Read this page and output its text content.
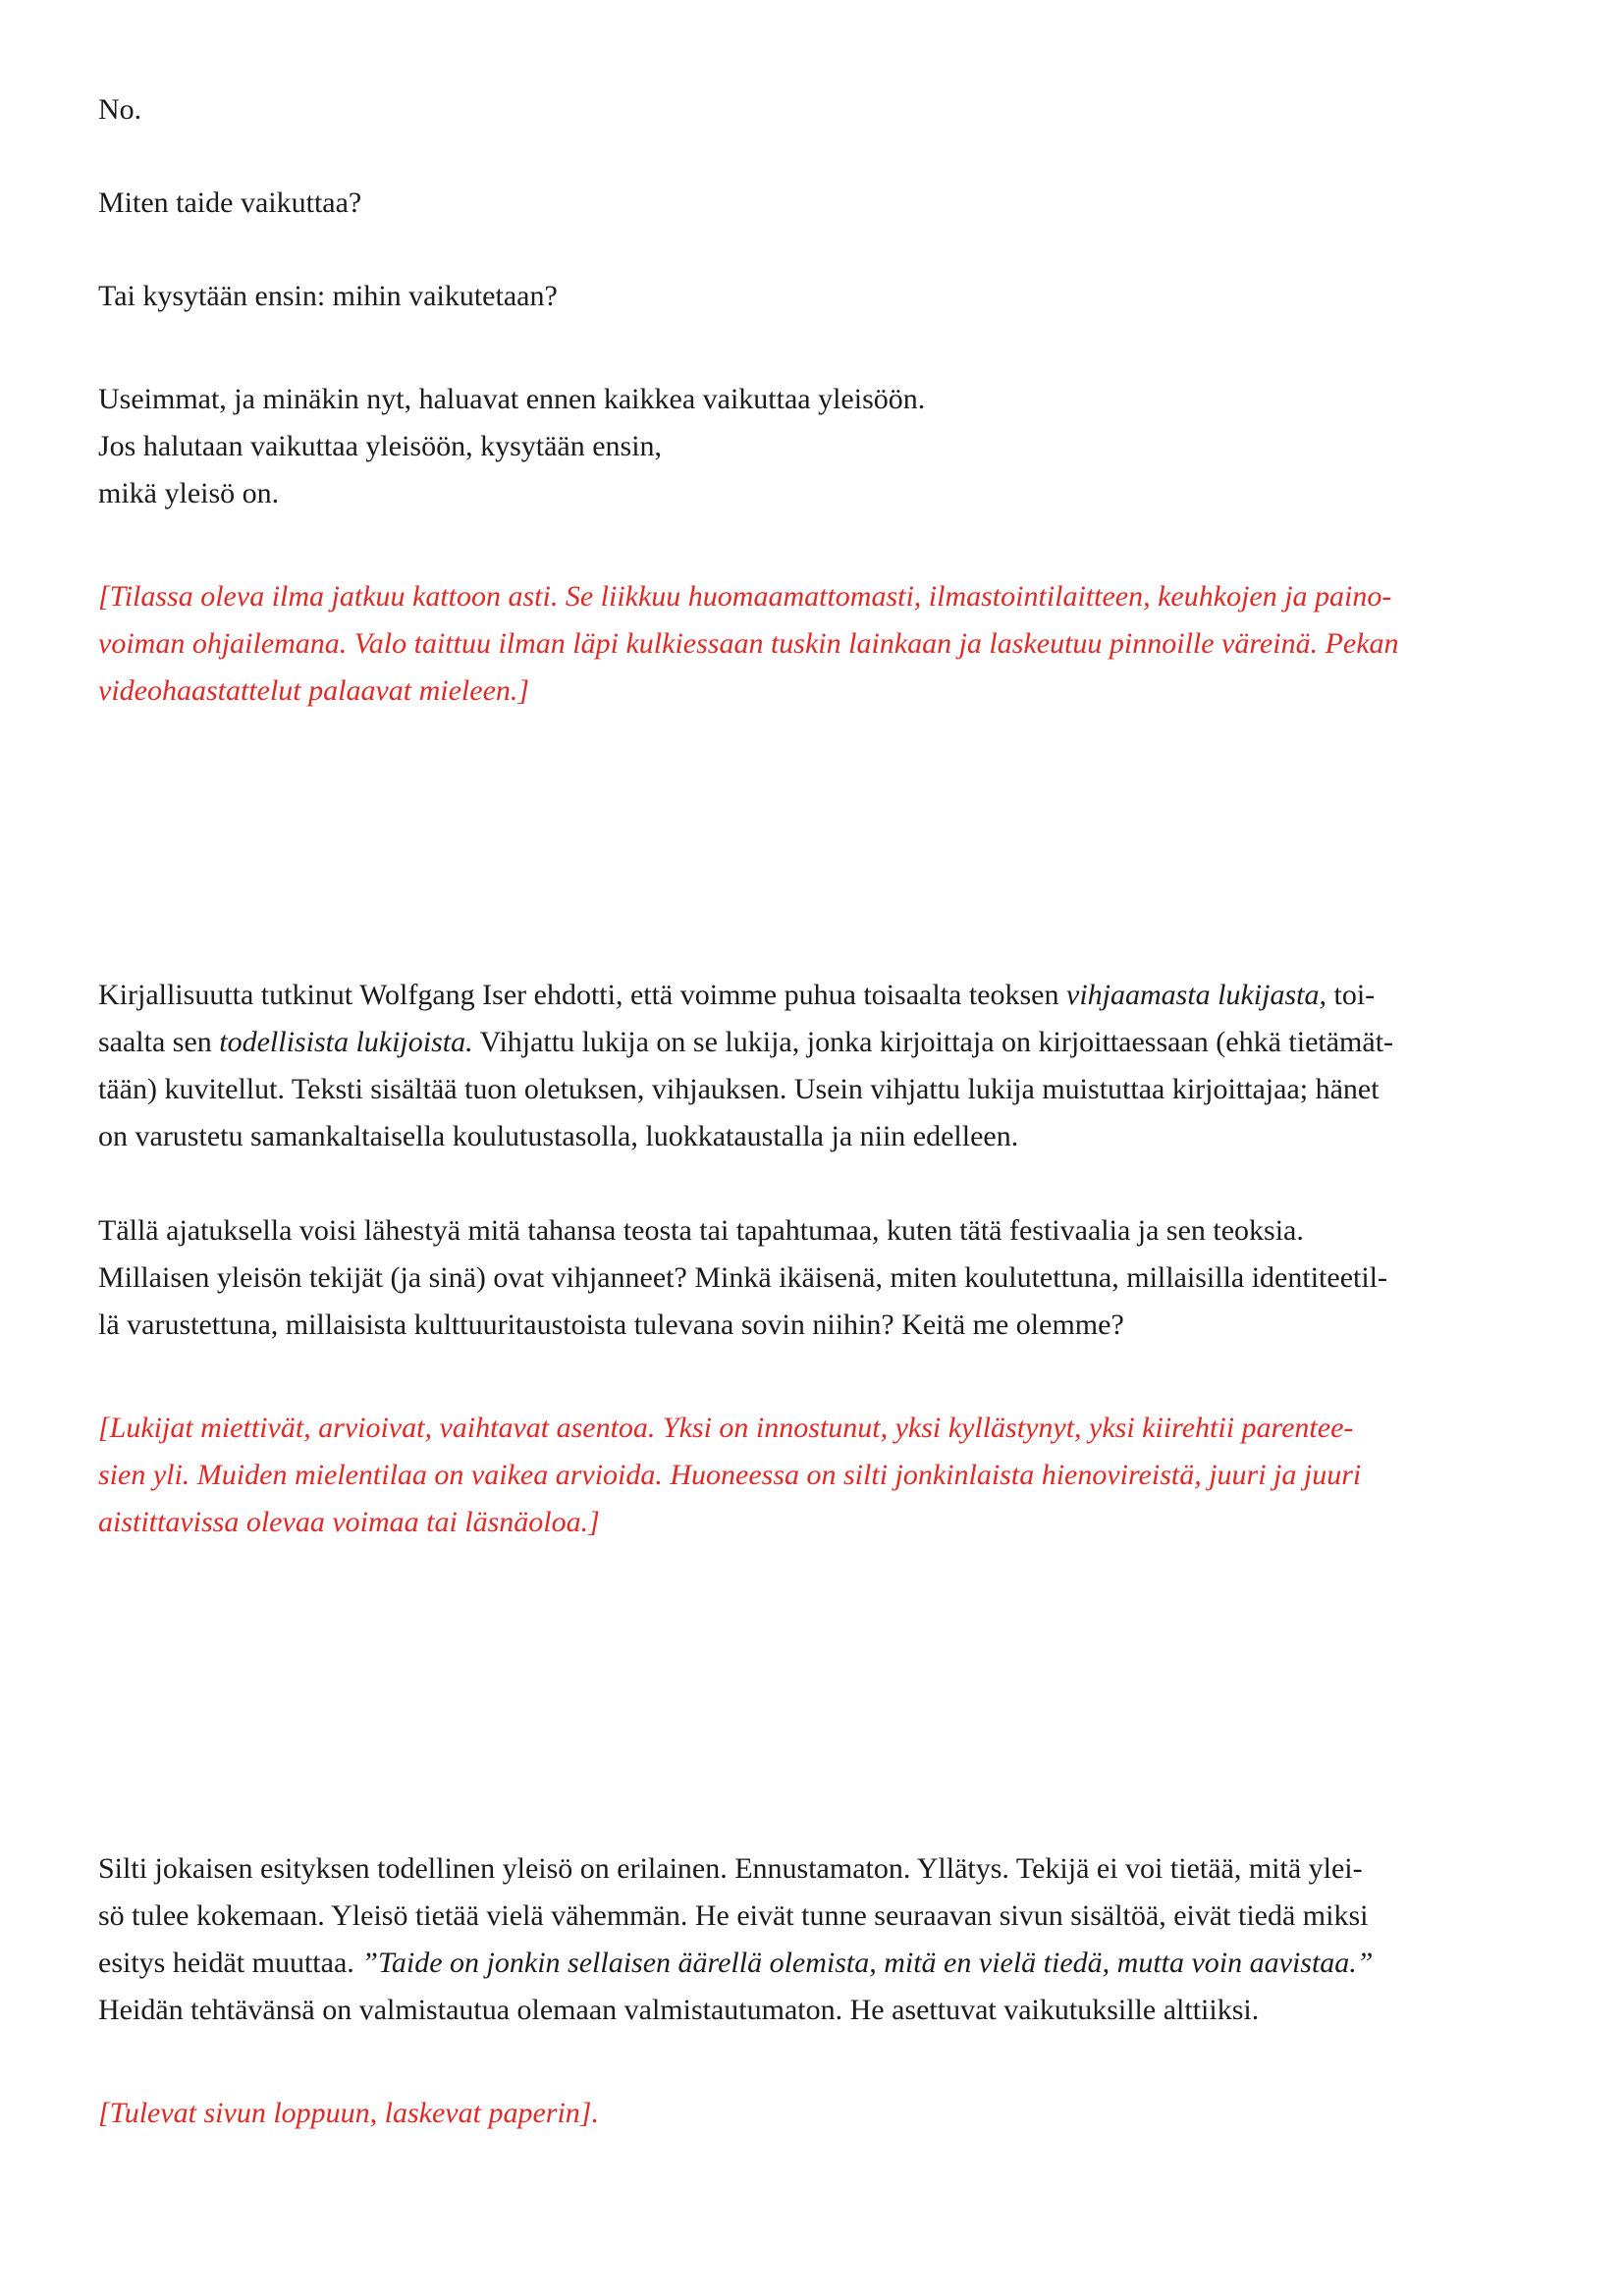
No.

Miten taide vaikuttaa?

Tai kysytään ensin: mihin vaikutetaan?

Useimmat, ja minäkin nyt, haluavat ennen kaikkea vaikuttaa yleisöön.
Jos halutaan vaikuttaa yleisöön, kysytään ensin,
mikä yleisö on.

[Tilassa oleva ilma jatkuu kattoon asti. Se liikkuu huomaamattomasti, ilmastointilaitteen, keuhkojen ja paino-
voiman ohjailemana. Valo taittuu ilman läpi kulkiessaan tuskin lainkaan ja laskeutuu pinnoille väreinä. Pekan
videohaastattelut palaavat mieleen.]

Kirjallisuutta tutkinut Wolfgang Iser ehdotti, että voimme puhua toisaalta teoksen vihjaamasta lukijasta, toi-
saalta sen todellisista lukijoista. Vihjattu lukija on se lukija, jonka kirjoittaja on kirjoittaessaan (ehkä tietämät-
tään) kuvitellut. Teksti sisältää tuon oletuksen, vihjauksen. Usein vihjattu lukija muistuttaa kirjoittajaa; hänet
on varustetu samankaltaisella koulutustasolla, luokkataustalla ja niin edelleen.

Tällä ajatuksella voisi lähestyä mitä tahansa teosta tai tapahtumaa, kuten tätä festivaalia ja sen teoksia.
Millaisen yleisön tekijät (ja sinä) ovat vihjanneet? Minkä ikäisenä, miten koulutettuna, millaisilla identiteetil-
lä varustettuna, millaisista kulttuuritaustoista tulevana sovin niihin? Keitä me olemme?

[Lukijat miettivät, arvioivat, vaihtavat asentoa. Yksi on innostunut, yksi kyllästynyt, yksi kiirehtii parentee-
sien yli. Muiden mielentilaa on vaikea arvioida. Huoneessa on silti jonkinlaista hienovireistä, juuri ja juuri
aistittavissa olevaa voimaa tai läsnäoloa.]

Silti jokaisen esityksen todellinen yleisö on erilainen. Ennustamaton. Yllätys. Tekijä ei voi tietää, mitä ylei-
sö tulee kokemaan. Yleisö tietää vielä vähemmän. He eivät tunne seuraavan sivun sisältöä, eivät tiedä miksi
esitys heidät muuttaa. ”Taide on jonkin sellaisen äärellä olemista, mitä en vielä tiedä, mutta voin aavistaa.”
Heidän tehtävänsä on valmistautua olemaan valmistautumaton. He asettuvat vaikutuksille alttiiksi.

[Tulevat sivun loppuun, laskevat paperin].
